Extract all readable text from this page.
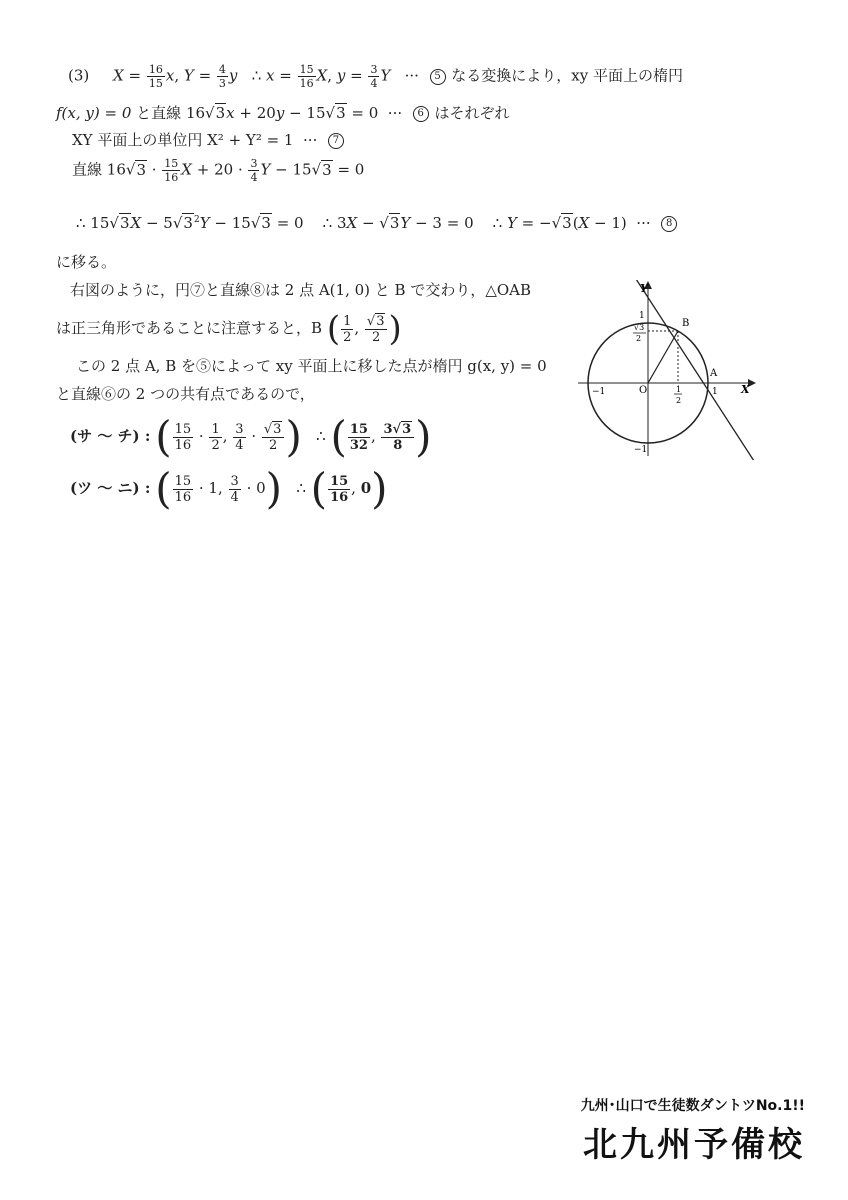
(3) $X = \frac{16}{15} x$, $Y = \frac{4}{3}$ y   ∴ $x = \frac{15}{16} X$, $y = \frac{3}{4}$ Y   ···  5 なる変換により，xy 平面上の楕円
f(x, y) = 0 と直線 16√3x + 20y − 15√3 = 0  ··· 6 はそれぞれ
XY 平面上の単位円 X² + Y² = 1 ··· 7
直線 $16√3 \cdot \frac{15}{16}$ $X + 20 \cdot \frac{3}{4}$ Y − 15√3 = 0
∴ $15√3X - 5√3^2Y - 15√3 = 0$    ∴ 3X − √3Y − 3 = 0    ∴ Y = −√3(X − 1)  ··· 8
に移る。
右図のように，円⑦と直線⑧は 2 点 A(1, 0) と B で交わり，△OAB
は正三角形であることに注意すると，B ( $\frac{1}{2}$ , $\frac{√3}{2}$ )
この 2 点 A, B を⑤によって xy 平面上に移した点が楕円 g(x, y) = 0
と直線⑥の 2 つの共有点であるので，
(サ ～ チ) : ( $\frac{15}{16} \cdot \frac{1}{2}$ , $\frac{3}{4} \cdot \frac{√3}{2}$ )   ∴ ( $\frac{15}{32}$ , $\frac{3√3}{8}$ )
(ツ ～ ニ) : ( $\frac{15}{16} \cdot 1$, $\frac{3}{4} \cdot 0$)   ∴ ( $\frac{15}{16}$ , 0)
Y
X
O
A
B
1
−1
1
−1
1
2
√3
2
九州･山口で生徒数ダントツNo.1!!
北九州予備校
